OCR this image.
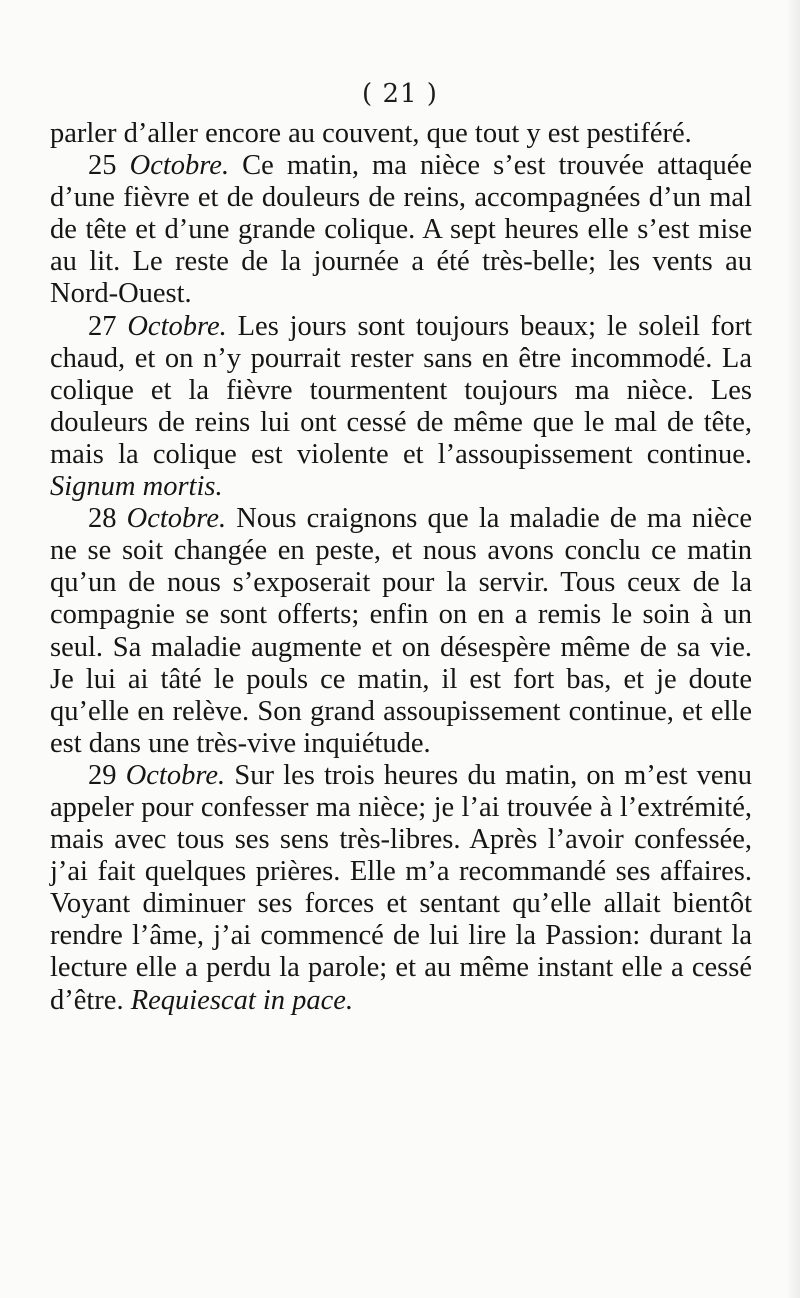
( 21 )

parler d’aller encore au couvent, que tout y est pestiféré.

25 Octobre. Ce matin, ma nièce s’est trouvée attaquée d’une fièvre et de douleurs de reins, accompagnées d’un mal de tête et d’une grande colique. A sept heures elle s’est mise au lit. Le reste de la journée a été très-belle; les vents au Nord-Ouest.

27 Octobre. Les jours sont toujours beaux; le soleil fort chaud, et on n’y pourrait rester sans en être incommodé. La colique et la fièvre tourmentent toujours ma nièce. Les douleurs de reins lui ont cessé de même que le mal de tête, mais la colique est violente et l’assoupissement continue. Signum mortis.

28 Octobre. Nous craignons que la maladie de ma nièce ne se soit changée en peste, et nous avons conclu ce matin qu’un de nous s’exposerait pour la servir. Tous ceux de la compagnie se sont offerts; enfin on en a remis le soin à un seul. Sa maladie augmente et on désespère même de sa vie. Je lui ai tâté le pouls ce matin, il est fort bas, et je doute qu’elle en relève. Son grand assoupissement continue, et elle est dans une très-vive inquiétude.

29 Octobre. Sur les trois heures du matin, on m’est venu appeler pour confesser ma nièce; je l’ai trouvée à l’extrémité, mais avec tous ses sens très-libres. Après l’avoir confessée, j’ai fait quelques prières. Elle m’a recommandé ses affaires. Voyant diminuer ses forces et sentant qu’elle allait bientôt rendre l’âme, j’ai commencé de lui lire la Passion: durant la lecture elle a perdu la parole; et au même instant elle a cessé d’être. Requiescat in pace.
